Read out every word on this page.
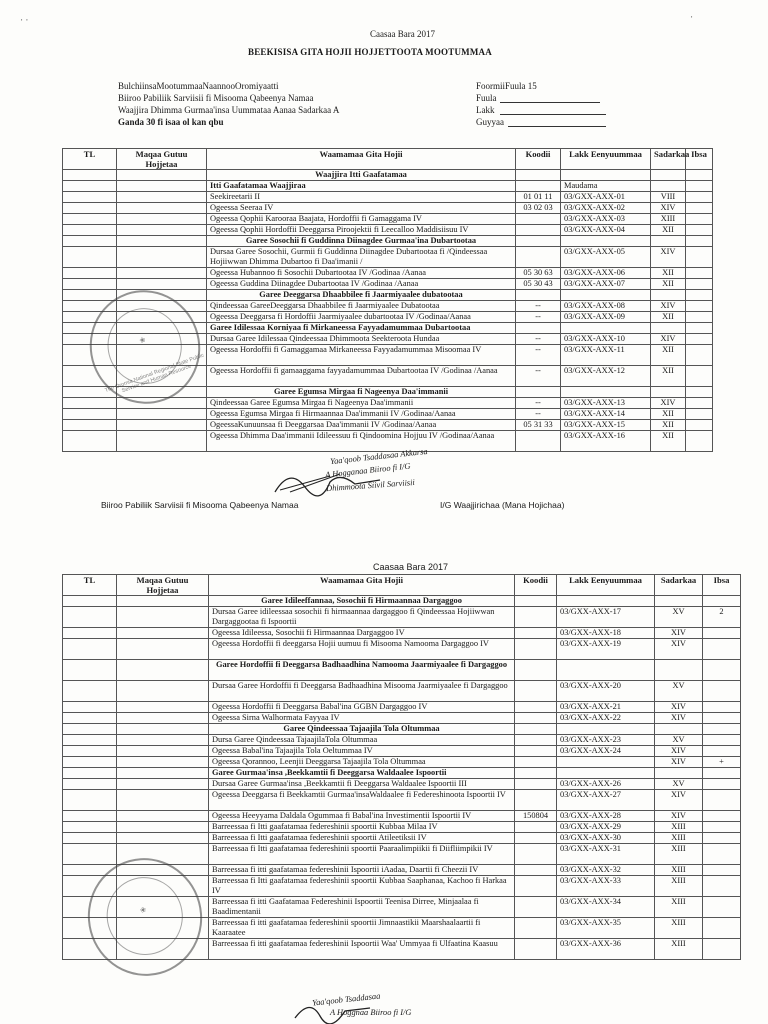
Caasaa Bara 2017
BEEKISISA GITA HOJII HOJJETTOOTA MOOTUMMAA
BulchiinsaMootummaaNaannooOromiyaatti
Biiroo Pabiliik Sarviisii fi Misooma Qabeenya Namaa
Waajjira Dhimma Gurmaa'insa Uummataa Aanaa Sadarkaa A
Ganda 30 fi isaa ol kan qbu
FoormiiFuula 15
Fuula
Lakk
Guyyaa
TL	Maqaa Gutuu Hojjetaa	Waamamaa Gita Hojii	Koodii	Lakk Eenyuummaa	Sadarkaa	Ibsa
		Waajjira Itti Gaafatamaa				
		Itti Gaafatamaa Waajjiraa		Maudama		
		Seekireetarii II	01 01 11	03/GXX-AXX-01	VIII	
		Ogeessa Seeraa IV	03 02 03	03/GXX-AXX-02	XIV	
		Ogeessa Qophii Karooraa Baajata, Hordoffii fi Gamaggama IV		03/GXX-AXX-03	XIII	
		Ogeessa Qophii Hordoffii Deeggarsa Piroojektii fi Leecalloo Maddisiisuu IV		03/GXX-AXX-04	XII	
		Garee Sosochii fi Guddinna Diinagdee Gurmaa'ina Dubartootaa				
		Dursaa Garee Sosochii, Gurmii fi Guddinna Diinagdee Dubartootaa fi /Qindeessaa Hojiiwwan Dhimma Dubartoo fi Daa'imanii /		03/GXX-AXX-05	XIV	
		Ogeessa Hubannoo fi Sosochii Dubartootaa IV /Godinaa /Aanaa	05 30 63	03/GXX-AXX-06	XII	
		Ogeessa Guddina Diinagdee Dubartootaa IV /Godinaa /Aanaa	05 30 43	03/GXX-AXX-07	XII	
		Garee Deeggarsa Dhaabbilee fi Jaarmiyaalee dubatootaa				
		Qindeessaa GareeDeeggarsa Dhaabbilee fi Jaarmiyaalee Dubatootaa	--	03/GXX-AXX-08	XIV	
		Ogeessa Deeggarsa fi Hordoffii Jaarmiyaalee dubartootaa IV /Godinaa/Aanaa	--	03/GXX-AXX-09	XII	
		Garee Idilessaa Korniyaa fi Mirkaneessa Fayyadamummaa Dubartootaa				
		Dursaa Garee Idilessaa Qindeessaa Dhimmoota Seekteroota Hundaa	--	03/GXX-AXX-10	XIV	
		Ogeessa Hordoffii fi Gamaggamaa Mirkaneessa Fayyadamummaa Misoomaa IV	--	03/GXX-AXX-11	XII	
		Ogeessa Hordoffii fi gamaaggama fayyadamummaa Dubartootaa IV /Godinaa /Aanaa	--	03/GXX-AXX-12	XII	
		Garee Egumsa Mirgaa fi Nageenya Daa'immanii				
		Qindeessaa Garee Egumsa Mirgaa fi Nageenya Daa'immanii	--	03/GXX-AXX-13	XIV	
		Ogeessa Egumsa Mirgaa fi Hirmaannaa Daa'immanii IV /Godinaa/Aanaa	--	03/GXX-AXX-14	XII	
		OgeessaKunuunsaa fi Deeggarsaa Daa'immanii IV /Godinaa/Aanaa	05 31 33	03/GXX-AXX-15	XII	
		Ogeessa Dhimma Daa'immanii Idileessuu fi Qindoomina Hojjuu IV /Godinaa/Aanaa		03/GXX-AXX-16	XII	
❀
The Oromia National Regional State Public Service and Human Resource
Yaa'qoob Tsaddasaa Akkarsa
A Hogganaa Biiroo fi I/G
Dhimmoota Siivil Sarviisii
Biiroo Pabiliik Sarviisii fi Misooma Qabeenya Namaa	I/G Waajjirichaa (Mana Hojichaa)
Caasaa Bara 2017
TL	Maqaa Gutuu Hojjetaa	Waamamaa Gita Hojii	Koodii	Lakk Eenyuummaa	Sadarkaa	Ibsa
		Garee Idileeffannaa, Sosochii fi Hirmaannaa Dargaggoo				
		Dursaa Garee idileessaa sosochii fi hirmaannaa dargaggoo fi Qindeessaa Hojiiwwan Dargaggootaa fi Ispoortii		03/GXX-AXX-17	XV	2
		Ogeessa Idileessa, Sosochii fi Hirmaannaa Dargaggoo IV		03/GXX-AXX-18	XIV	
		Ogeessa Hordoffii fi deeggarsa Hojii uumuu fi Misooma Namooma Dargaggoo IV		03/GXX-AXX-19	XIV	
		Garee Hordoffii fi Deeggarsa Badhaadhina Namooma Jaarmiyaalee fi Dargaggoo				
		Dursaa Garee Hordoffii fi Deeggarsa Badhaadhina Misooma Jaarmiyaalee fi Dargaggoo		03/GXX-AXX-20	XV	
		Ogeessa Hordoffii fi Deeggarsa Babal'ina GGBN Dargaggoo IV		03/GXX-AXX-21	XIV	
		Ogeessa Sirna Walhormata Fayyaa IV		03/GXX-AXX-22	XIV	
		Garee Qindeessaa Tajaajila Tola Oltummaa				
		Dursa Garee Qindeessaa TajaajilaTola Oltummaa		03/GXX-AXX-23	XV	
		Ogeessa Babal'ina Tajaajila Tola Oeltummaa IV		03/GXX-AXX-24	XIV	
		Ogeessa Qorannoo, Leenjii Deeggarsa Tajaajila Tola Oltummaa			XIV	+
		Garee Gurmaa'insa ,Beekkamtii fi Deeggarsa Waldaalee Ispoortii				
		Dursaa Garee Gurmaa'insa ,Beekkamtii fi Deeggarsa Waldaalee Ispoortii III		03/GXX-AXX-26	XV	
		Ogeessa Deeggarsa fi Beekkamtii Gurmaa'insaWaldaalee fi Federeshinoota Ispoortii IV		03/GXX-AXX-27	XIV	
		Ogeessa Heeyyama Daldala Ogummaa fi Babal'ina Investimentii Ispoortii IV	150804	03/GXX-AXX-28	XIV	
		Barreessaa fi Itti gaafatamaa federeshinii spoortii Kubbaa Milaa IV		03/GXX-AXX-29	XIII	
		Barreessaa fi Itti gaafatamaa federeshinii spoortii Atileetiksii IV		03/GXX-AXX-30	XIII	
		Barreessaa fi Itti gaafatamaa federeshinii spoortii Paaraalimpiikii fi Diifliimpikii IV		03/GXX-AXX-31	XIII	
		Barreessaa fi itti gaafatamaa federeshinii Ispoortii iAadaa, Daartii fi Cheezii IV		03/GXX-AXX-32	XIII	
		Barreessaa fi Itti gaafatamaa federeshinii spoortii Kubbaa Saaphanaa, Kachoo fi Harkaa IV		03/GXX-AXX-33	XIII	
		Barreessaa fi itti Gaafatamaa Federeshinii Ispoortii Teenisa Dirree, Minjaalaa fi Baadimentanii		03/GXX-AXX-34	XIII	
		Barreessaa fi itti gaafatamaa federeshinii spoortii Jimnaastikii Maarshaalaartii fi Kaaraatee		03/GXX-AXX-35	XIII	
		Barreessaa fi itti gaafatamaa federeshinii Ispoortii Waa' Ummyaa fi Ulfaatina Kaasuu		03/GXX-AXX-36	XIII	
❀
Yaa'qoob Tsaddasaa
A Hoggnaa Biiroo fi I/G
⋅ ⋅	⋅
